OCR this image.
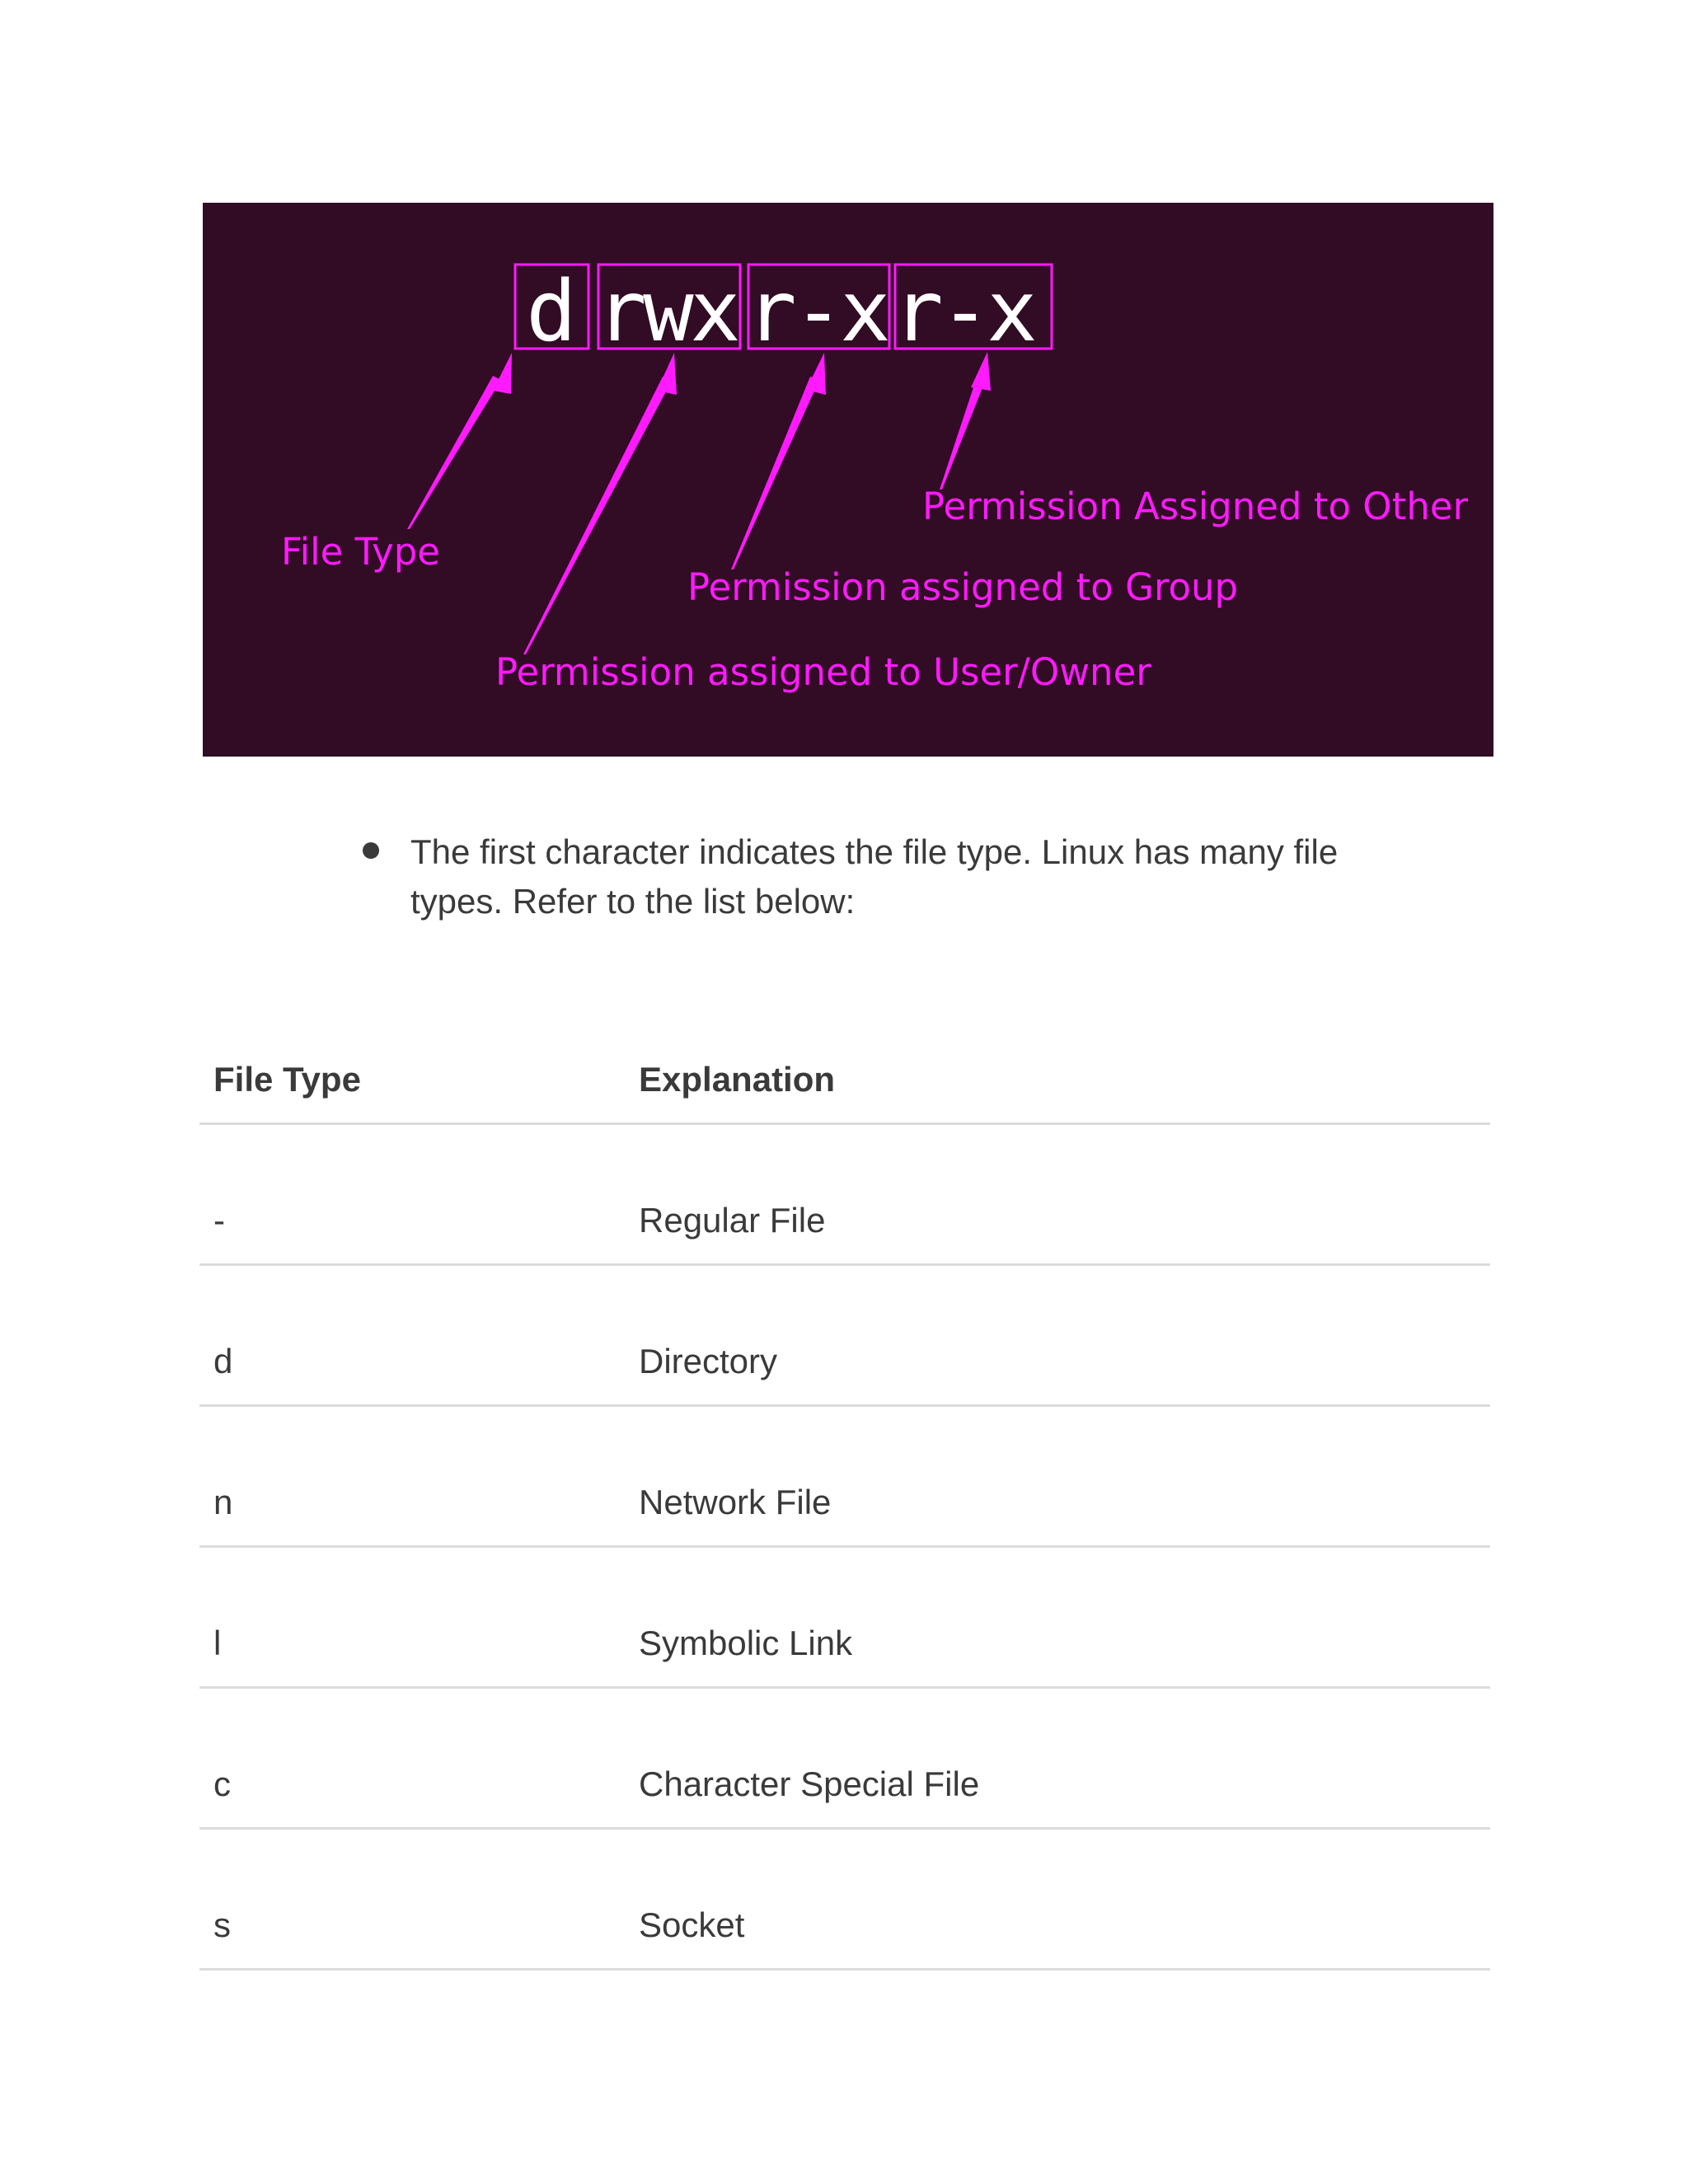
d r
w
x r
-
x r
-
x
File Type
Permission assigned to User/Owner
Permission assigned to Group
Permission Assigned to Other

The first character indicates the file type. Linux has many file types. Refer to the list below:

File Type	Explanation
-	Regular File
d	Directory
n	Network File
l	Symbolic Link
c	Character Special File
s	Socket
